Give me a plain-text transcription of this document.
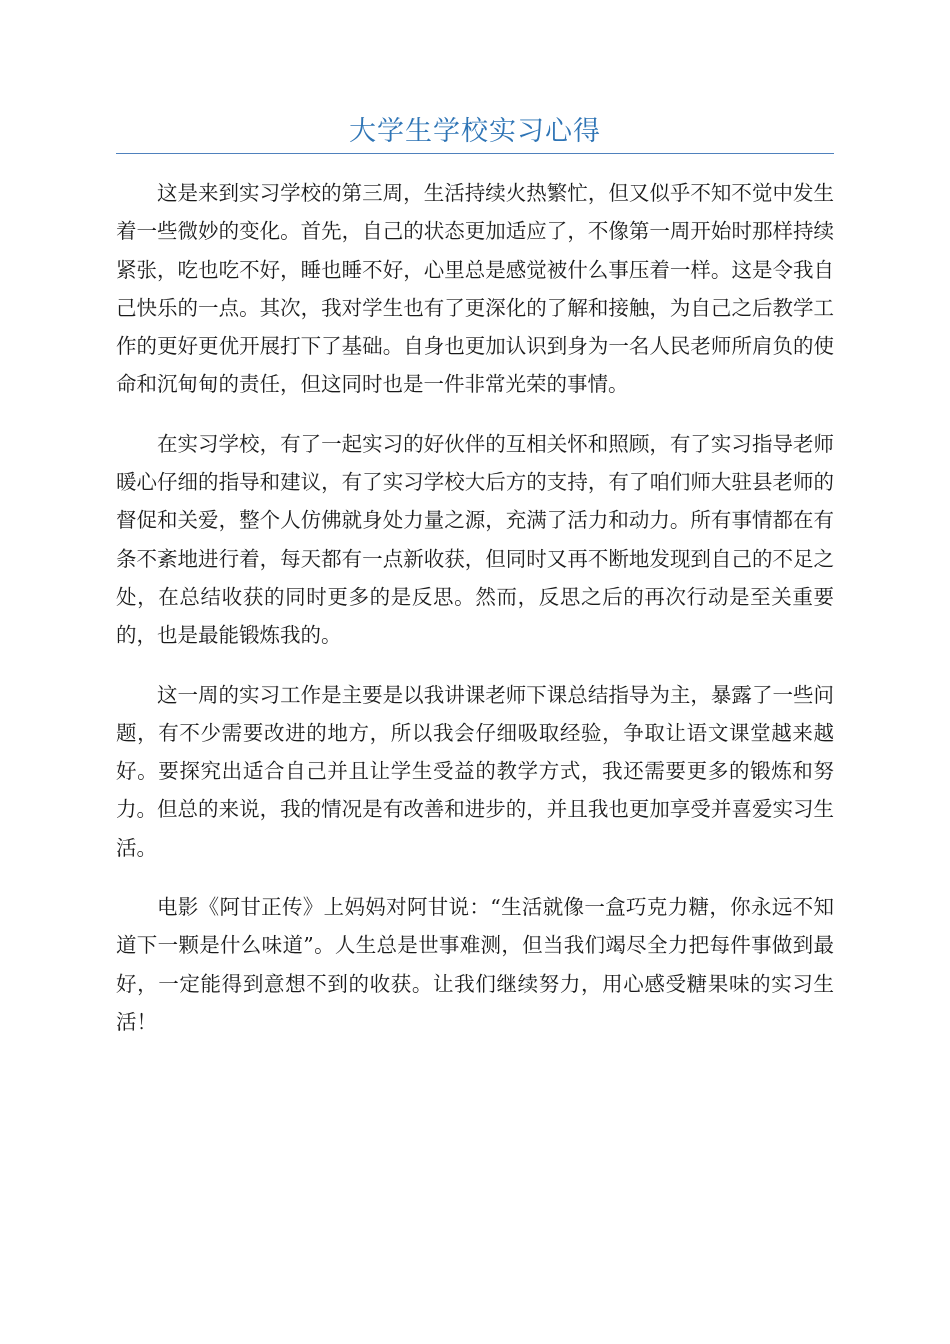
大学生学校实习心得

这是来到实习学校的第三周，生活持续火热繁忙，但又似乎不知不觉中发生着一些微妙的变化。首先，自己的状态更加适应了，不像第一周开始时那样持续紧张，吃也吃不好，睡也睡不好，心里总是感觉被什么事压着一样。这是令我自己快乐的一点。其次，我对学生也有了更深化的了解和接触，为自己之后教学工作的更好更优开展打下了基础。自身也更加认识到身为一名人民老师所肩负的使命和沉甸甸的责任，但这同时也是一件非常光荣的事情。

在实习学校，有了一起实习的好伙伴的互相关怀和照顾，有了实习指导老师暖心仔细的指导和建议，有了实习学校大后方的支持，有了咱们师大驻县老师的督促和关爱，整个人仿佛就身处力量之源，充满了活力和动力。所有事情都在有条不紊地进行着，每天都有一点新收获，但同时又再不断地发现到自己的不足之处，在总结收获的同时更多的是反思。然而，反思之后的再次行动是至关重要的，也是最能锻炼我的。

这一周的实习工作是主要是以我讲课老师下课总结指导为主，暴露了一些问题，有不少需要改进的地方，所以我会仔细吸取经验，争取让语文课堂越来越好。要探究出适合自己并且让学生受益的教学方式，我还需要更多的锻炼和努力。但总的来说，我的情况是有改善和进步的，并且我也更加享受并喜爱实习生活。

电影《阿甘正传》上妈妈对阿甘说：“生活就像一盒巧克力糖，你永远不知道下一颗是什么味道”。人生总是世事难测，但当我们竭尽全力把每件事做到最好，一定能得到意想不到的收获。让我们继续努力，用心感受糖果味的实习生活！
